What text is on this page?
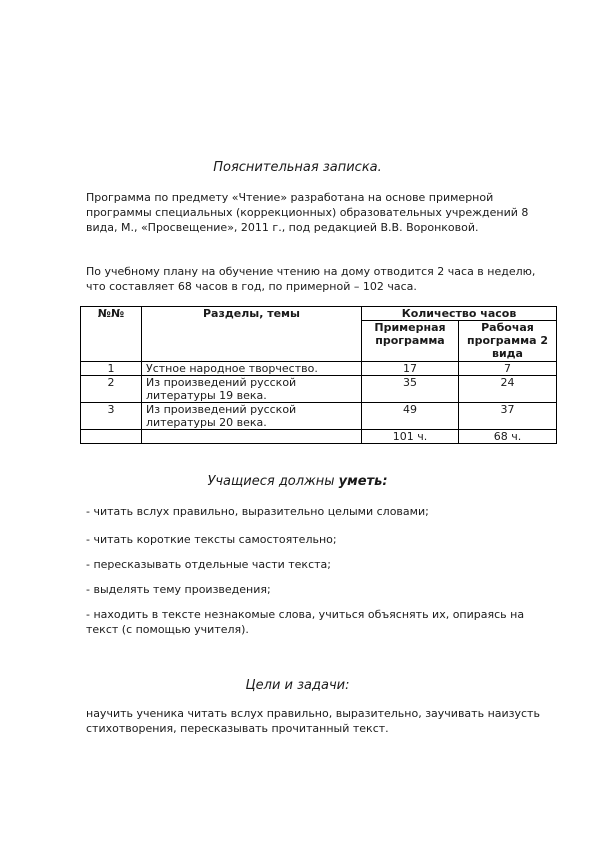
Пояснительная записка.

Программа по предмету «Чтение» разработана на основе примерной программы специальных (коррекционных) образовательных учреждений 8 вида, М., «Просвещение», 2011 г., под редакцией В.В. Воронковой.

По учебному плану на обучение чтению на дому отводится 2 часа в неделю, что составляет 68 часов в год, по примерной – 102 часа.

№№	Разделы, темы	Количество часов	
		Примерная программа	Рабочая программа 2 вида
1	Устное народное творчество.	17	7
2	Из произведений русской литературы 19 века.	35	24
3	Из произведений русской литературы 20 века.	49	37
		101 ч.	68 ч.
Учащиеся должны уметь:

- читать вслух правильно, выразительно целыми словами;

- читать короткие тексты самостоятельно;

- пересказывать отдельные части текста;

- выделять тему произведения;

- находить в тексте незнакомые слова, учиться объяснять их, опираясь на текст (с помощью учителя).

Цели и задачи:

научить ученика читать вслух правильно, выразительно, заучивать наизусть стихотворения, пересказывать прочитанный текст.
